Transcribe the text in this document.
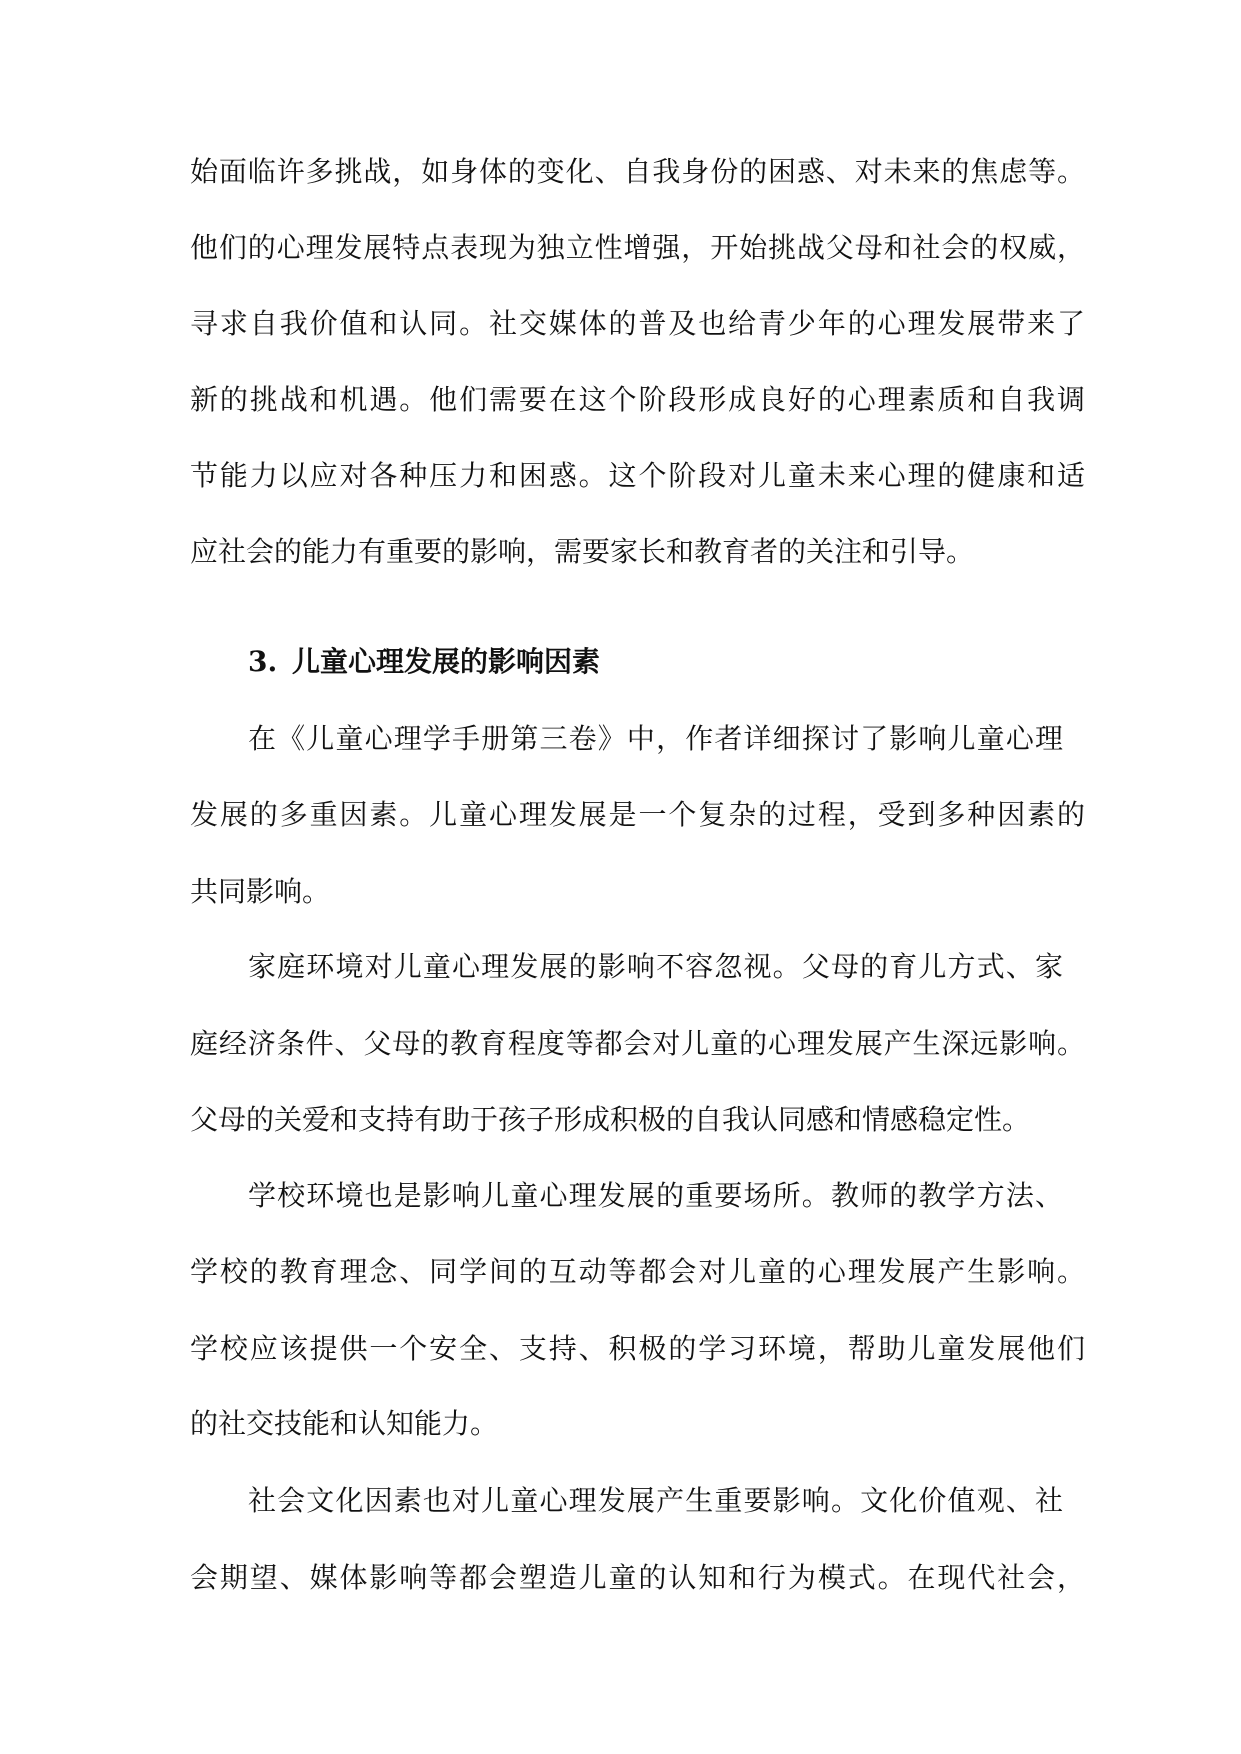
始面临许多挑战，如身体的变化、自我身份的困惑、对未来的焦虑等。
他们的心理发展特点表现为独立性增强，开始挑战父母和社会的权威，
寻求自我价值和认同。社交媒体的普及也给青少年的心理发展带来了
新的挑战和机遇。他们需要在这个阶段形成良好的心理素质和自我调
节能力以应对各种压力和困惑。这个阶段对儿童未来心理的健康和适
应社会的能力有重要的影响，需要家长和教育者的关注和引导。
3. 儿童心理发展的影响因素
在《儿童心理学手册第三卷》中，作者详细探讨了影响儿童心理
发展的多重因素。儿童心理发展是一个复杂的过程，受到多种因素的
共同影响。
家庭环境对儿童心理发展的影响不容忽视。父母的育儿方式、家
庭经济条件、父母的教育程度等都会对儿童的心理发展产生深远影响。
父母的关爱和支持有助于孩子形成积极的自我认同感和情感稳定性。
学校环境也是影响儿童心理发展的重要场所。教师的教学方法、
学校的教育理念、同学间的互动等都会对儿童的心理发展产生影响。
学校应该提供一个安全、支持、积极的学习环境，帮助儿童发展他们
的社交技能和认知能力。
社会文化因素也对儿童心理发展产生重要影响。文化价值观、社
会期望、媒体影响等都会塑造儿童的认知和行为模式。在现代社会，
